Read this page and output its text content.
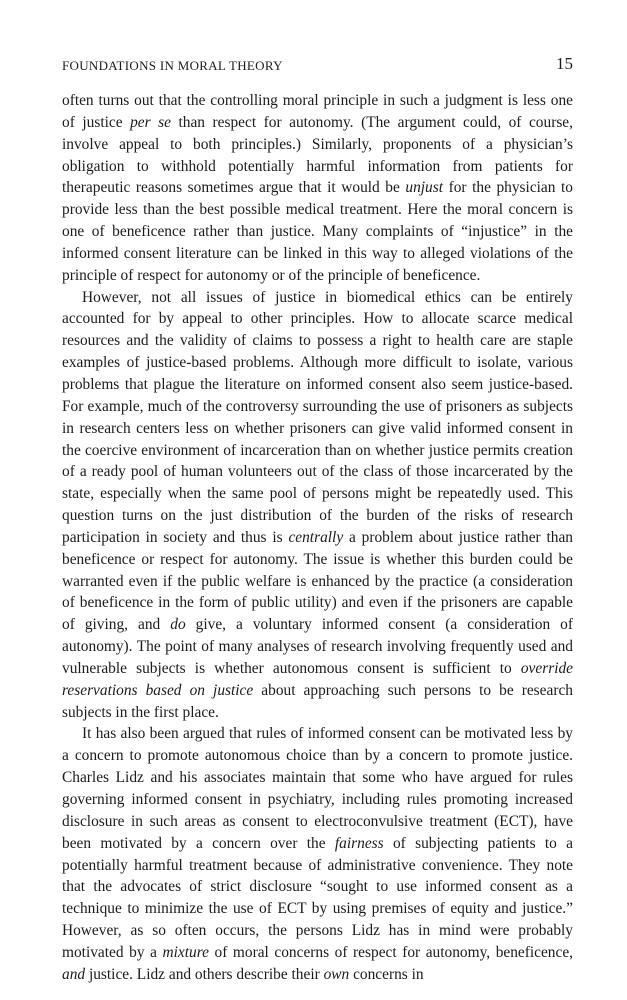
FOUNDATIONS IN MORAL THEORY	15

often turns out that the controlling moral principle in such a judgment is less one of justice per se than respect for autonomy. (The argument could, of course, involve appeal to both principles.) Similarly, proponents of a physician’s obligation to withhold potentially harmful information from patients for therapeutic reasons sometimes argue that it would be unjust for the physician to provide less than the best possible medical treatment. Here the moral concern is one of beneficence rather than justice. Many complaints of “injustice” in the informed consent literature can be linked in this way to alleged violations of the principle of respect for autonomy or of the principle of beneficence.

However, not all issues of justice in biomedical ethics can be entirely accounted for by appeal to other principles. How to allocate scarce medical resources and the validity of claims to possess a right to health care are staple examples of justice-based problems. Although more difficult to isolate, various problems that plague the literature on informed consent also seem justice-based. For example, much of the controversy surrounding the use of prisoners as subjects in research centers less on whether prisoners can give valid informed consent in the coercive environment of incarceration than on whether justice permits creation of a ready pool of human volunteers out of the class of those incarcerated by the state, especially when the same pool of persons might be repeatedly used. This question turns on the just distribution of the burden of the risks of research participation in society and thus is centrally a problem about justice rather than beneficence or respect for autonomy. The issue is whether this burden could be warranted even if the public welfare is enhanced by the practice (a consideration of beneficence in the form of public utility) and even if the prisoners are capable of giving, and do give, a voluntary informed consent (a consideration of autonomy). The point of many analyses of research involving frequently used and vulnerable subjects is whether autonomous consent is sufficient to override reservations based on justice about approaching such persons to be research subjects in the first place.

It has also been argued that rules of informed consent can be motivated less by a concern to promote autonomous choice than by a concern to promote justice. Charles Lidz and his associates maintain that some who have argued for rules governing informed consent in psychiatry, including rules promoting increased disclosure in such areas as consent to electroconvulsive treatment (ECT), have been motivated by a concern over the fairness of subjecting patients to a potentially harmful treatment because of administrative convenience. They note that the advocates of strict disclosure “sought to use informed consent as a technique to minimize the use of ECT by using premises of equity and justice.” However, as so often occurs, the persons Lidz has in mind were probably motivated by a mixture of moral concerns of respect for autonomy, beneficence, and justice. Lidz and others describe their own concerns in
